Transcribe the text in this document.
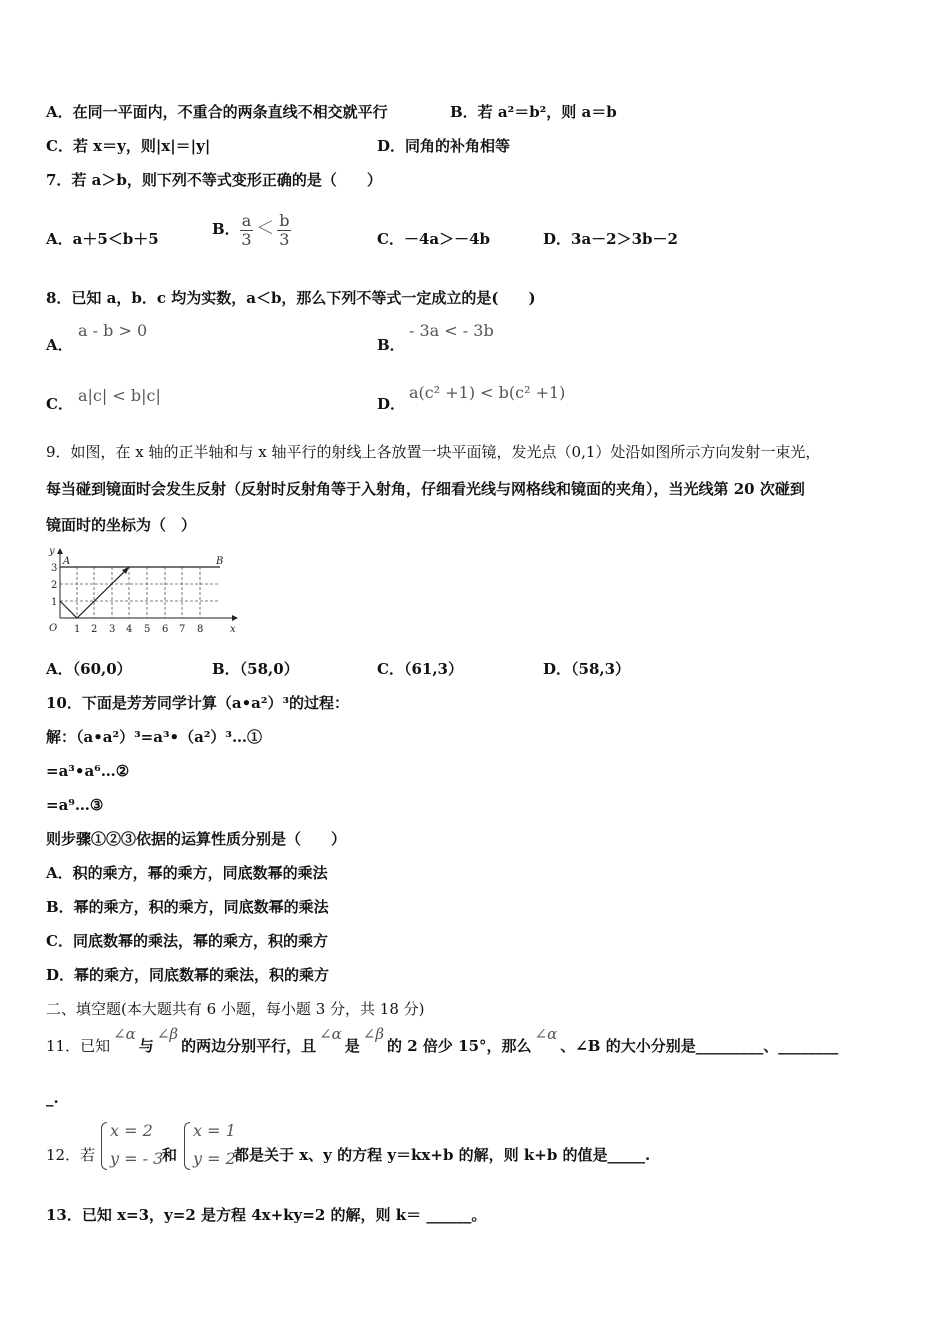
A．在同一平面内，不重合的两条直线不相交就平行	B．若 a²＝b²，则 a＝b
C．若 x＝y，则|x|＝|y|	D．同角的补角相等
7．若 a＞b，则下列不等式变形正确的是（　　）
A．a＋5＜b＋5
B． $\frac{a}{3} < \frac{b}{3}$	C．－4a＞－4b	D．3a－2＞3b－2
8．已知 a，b．c 均为实数，a＜b，那么下列不等式一定成立的是(　　)
A．
a - b > 0
B．
- 3a < - 3b
C． a|c| < b|c|	D．
a(c² +1) < b(c² +1)
9．如图，在 x 轴的正半轴和与 x 轴平行的射线上各放置一块平面镜，发光点（0,1）处沿如图所示方向发射一束光，
每当碰到镜面时会发生反射（反射时反射角等于入射角，仔细看光线与网格线和镜面的夹角），当光线第 20 次碰到
镜面时的坐标为（　）
y
x
O
A	B
1 2 3 4 5 6 7 8
1
2
3
A．（60,0）	B．（58,0）	C．（61,3）	D．（58,3）
10．下面是芳芳同学计算（a•a²）³的过程：
解：（a•a²）³=a³•（a²）³…①
=a³•a⁶…②
=a⁹…③
则步骤①②③依据的运算性质分别是（　　）
A．积的乘方，幂的乘方，同底数幂的乘法
B．幂的乘方，积的乘方，同底数幂的乘法
C．同底数幂的乘法，幂的乘方，积的乘方
D．幂的乘方，同底数幂的乘法，积的乘方
二、填空题(本大题共有 6 小题，每小题 3 分，共 18 分)
11．已知∠α与∠β的两边分别平行，且∠α是∠β的 2 倍少 15°，那么∠α、∠B 的大小分别是_________、________
_.
12．若
x = 2
y = - 3
和
x = 1
y = 2
都是关于 x、y 的方程 y＝kx+b 的解，则 k+b 的值是_____.
13．已知 x=3，y=2 是方程 4x+ky=2 的解，则 k＝ ______。
